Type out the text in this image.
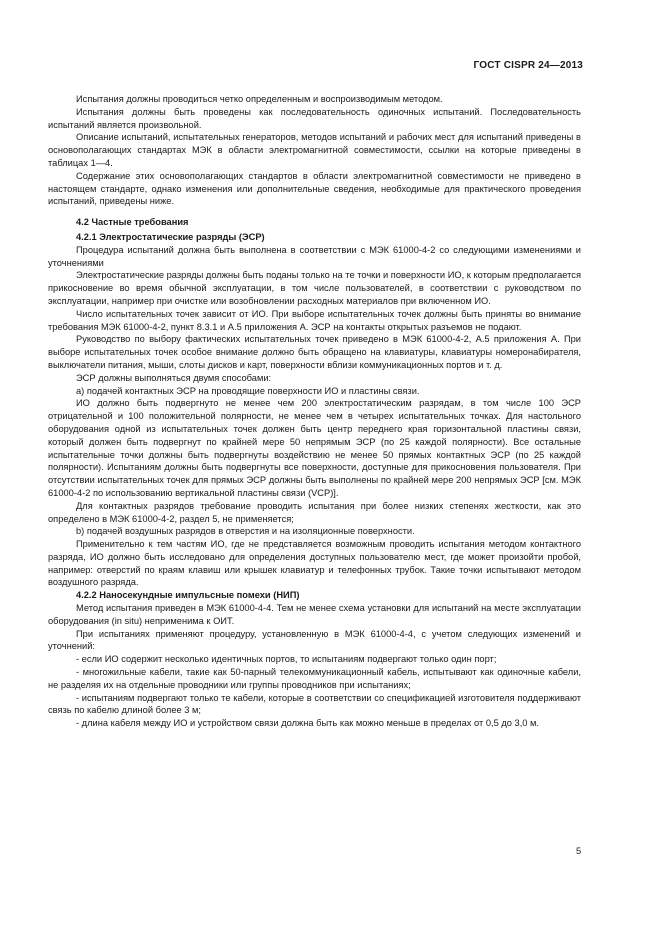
ГОСТ CISPR 24—2013

Испытания должны проводиться четко определенным и воспроизводимым методом.

Испытания должны быть проведены как последовательность одиночных испытаний. Последовательность испытаний является произвольной.

Описание испытаний, испытательных генераторов, методов испытаний и рабочих мест для испытаний приведены в основополагающих стандартах МЭК в области электромагнитной совместимости, ссылки на которые приведены в таблицах 1—4.

Содержание этих основополагающих стандартов в области электромагнитной совместимости не приведено в настоящем стандарте, однако изменения или дополнительные сведения, необходимые для практического проведения испытаний, приведены ниже.

4.2 Частные требования

4.2.1 Электростатические разряды (ЭСР)

Процедура испытаний должна быть выполнена в соответствии с МЭК 61000-4-2 со следующими изменениями и уточнениями

Электростатические разряды должны быть поданы только на те точки и поверхности ИО, к которым предполагается прикосновение во время обычной эксплуатации, в том числе пользователей, в соответствии с руководством по эксплуатации, например при очистке или возобновлении расходных материалов при включенном ИО.

Число испытательных точек зависит от ИО. При выборе испытательных точек должны быть приняты во внимание требования МЭК 61000-4-2, пункт 8.3.1 и А.5 приложения А. ЭСР на контакты открытых разъемов не подают.

Руководство по выбору фактических испытательных точек приведено в МЭК 61000-4-2, А.5 приложения А. При выборе испытательных точек особое внимание должно быть обращено на клавиатуры, клавиатуры номеронабирателя, выключатели питания, мыши, слоты дисков и карт, поверхности вблизи коммуникационных портов и т. д.

ЭСР должны выполняться двумя способами:

a) подачей контактных ЭСР на проводящие поверхности ИО и пластины связи.

ИО должно быть подвергнуто не менее чем 200 электростатическим разрядам, в том числе 100 ЭСР отрицательной и 100 положительной полярности, не менее чем в четырех испытательных точках. Для настольного оборудования одной из испытательных точек должен быть центр переднего края горизонтальной пластины связи, который должен быть подвергнут по крайней мере 50 непрямым ЭСР (по 25 каждой полярности). Все остальные испытательные точки должны быть подвергнуты воздействию не менее 50 прямых контактных ЭСР (по 25 каждой полярности). Испытаниям должны быть подвергнуты все поверхности, доступные для прикосновения пользователя. При отсутствии испытательных точек для прямых ЭСР должны быть выполнены по крайней мере 200 непрямых ЭСР [см. МЭК 61000-4-2 по использованию вертикальной пластины связи (VCP)].

Для контактных разрядов требование проводить испытания при более низких степенях жесткости, как это определено в МЭК 61000-4-2, раздел 5, не применяется;

b) подачей воздушных разрядов в отверстия и на изоляционные поверхности.

Применительно к тем частям ИО, где не представляется возможным проводить испытания методом контактного разряда, ИО должно быть исследовано для определения доступных пользователю мест, где может произойти пробой, например: отверстий по краям клавиш или крышек клавиатур и телефонных трубок. Такие точки испытывают методом воздушного разряда.

4.2.2 Наносекундные импульсные помехи (НИП)

Метод испытания приведен в МЭК 61000-4-4. Тем не менее схема установки для испытаний на месте эксплуатации оборудования (in situ) неприменима к ОИТ.

При испытаниях применяют процедуру, установленную в МЭК 61000-4-4, с учетом следующих изменений и уточнений:

- если ИО содержит несколько идентичных портов, то испытаниям подвергают только один порт;

- многожильные кабели, такие как 50-парный телекоммуникационный кабель, испытывают как одиночные кабели, не разделяя их на отдельные проводники или группы проводников при испытаниях;

- испытаниям подвергают только те кабели, которые в соответствии со спецификацией изготовителя поддерживают связь по кабелю длиной более 3 м;

- длина кабеля между ИО и устройством связи должна быть как можно меньше в пределах от 0,5 до 3,0 м.

5
